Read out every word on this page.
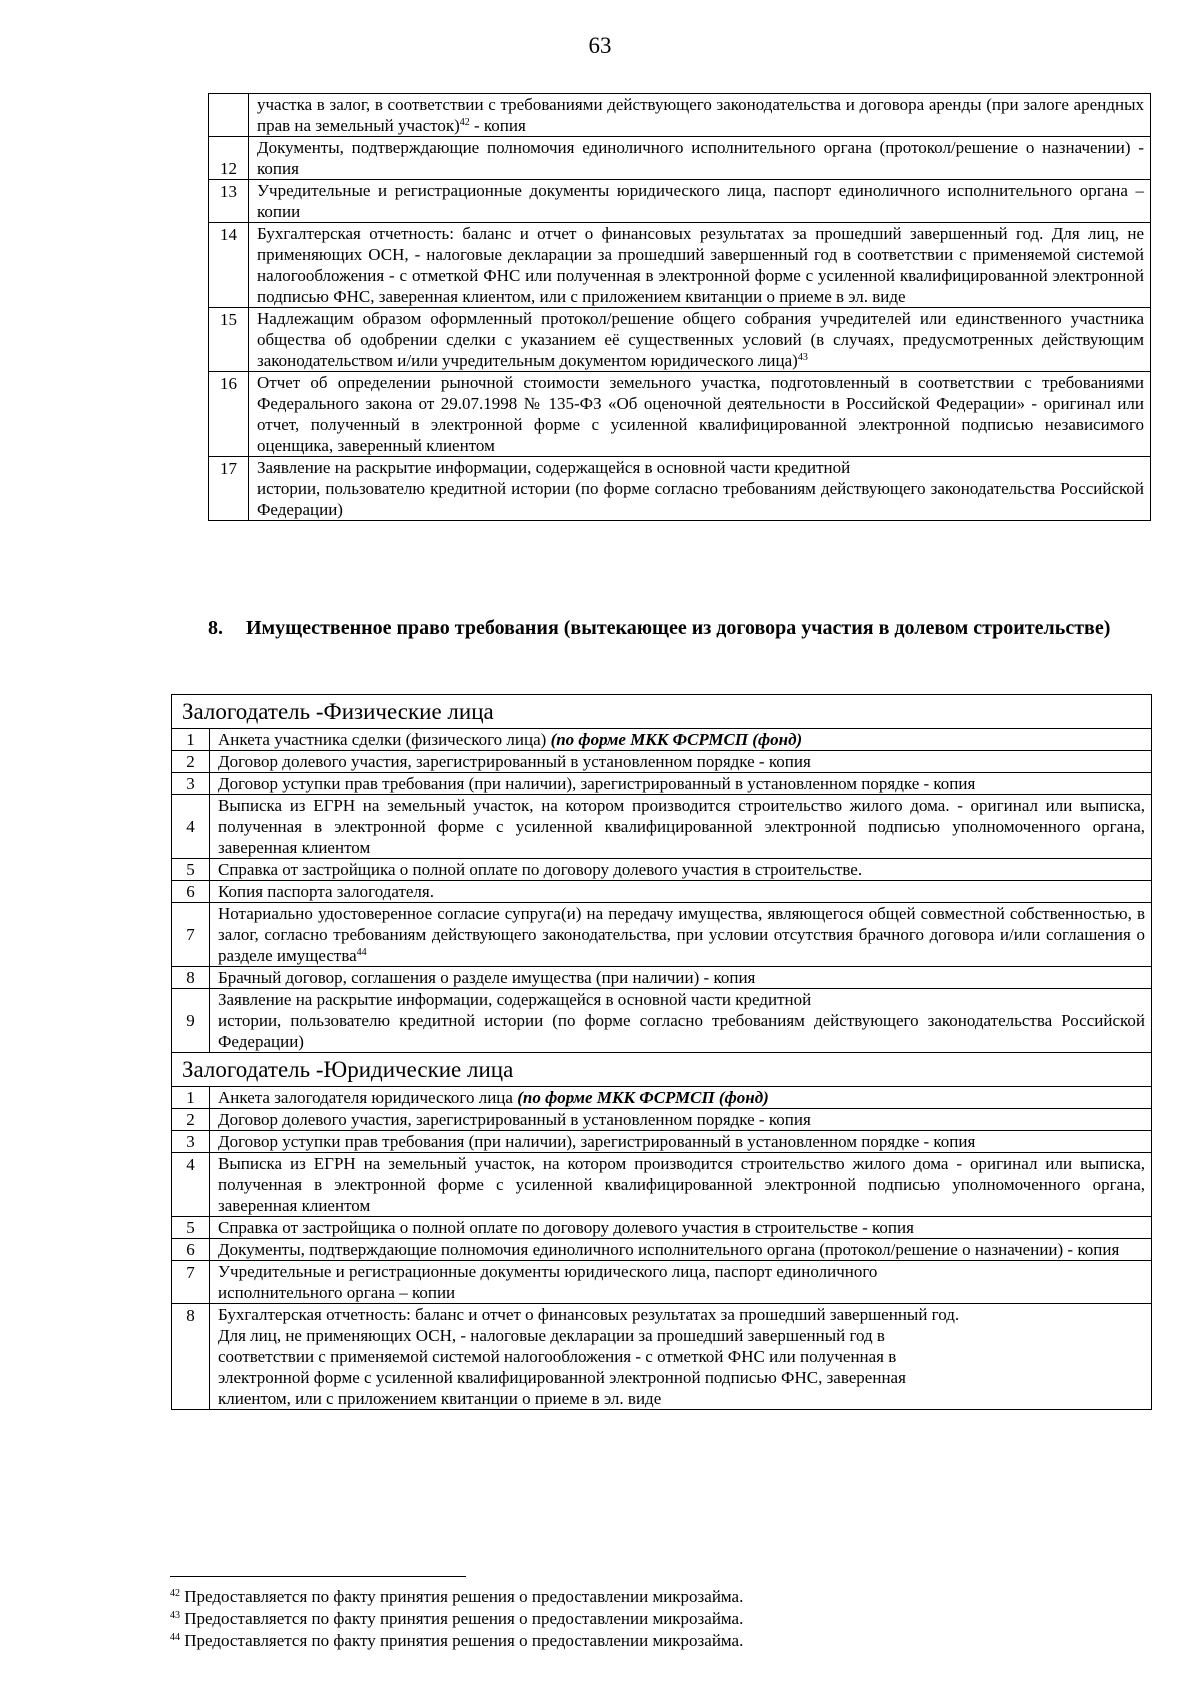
63
	участка в залог, в соответствии с требованиями действующего законодательства и договора аренды (при залоге арендных прав на земельный участок)$^{42}$ - копия
12	Документы, подтверждающие полномочия единоличного исполнительного органа (протокол/решение о назначении) - копия
13	Учредительные и регистрационные документы юридического лица, паспорт единоличного исполнительного органа – копии
14	Бухгалтерская отчетность: баланс и отчет о финансовых результатах за прошедший завершенный год. Для лиц, не применяющих ОСН, - налоговые декларации за прошедший завершенный год в соответствии с применяемой системой налогообложения - с отметкой ФНС или полученная в электронной форме с усиленной квалифицированной электронной подписью ФНС, заверенная клиентом, или с приложением квитанции о приеме в эл. виде
15	Надлежащим образом оформленный протокол/решение общего собрания учредителей или единственного участника общества об одобрении сделки с указанием её существенных условий (в случаях, предусмотренных действующим законодательством и/или учредительным документом юридического лица)$^{43}$
16	Отчет об определении рыночной стоимости земельного участка, подготовленный в соответствии с требованиями Федерального закона от 29.07.1998 № 135-ФЗ «Об оценочной деятельности в Российской Федерации» - оригинал или отчет, полученный в электронной форме с усиленной квалифицированной электронной подписью независимого оценщика, заверенный клиентом
17	Заявление на раскрытие информации, содержащейся в основной части кредитной
истории, пользователю кредитной истории (по форме согласно требованиям действующего законодательства Российской Федерации)
8. Имущественное право требования (вытекающее из договора участия в долевом строительстве)
Залогодатель -Физические лица	
1	Анкета участника сделки (физического лица) (по форме МКК ФСРМСП (фонд)
2	Договор долевого участия, зарегистрированный в установленном порядке - копия
3	Договор уступки прав требования (при наличии), зарегистрированный в установленном порядке - копия
4	Выписка из ЕГРН на земельный участок, на котором производится строительство жилого дома. - оригинал или выписка, полученная в электронной форме с усиленной квалифицированной электронной подписью уполномоченного органа, заверенная клиентом
5	Справка от застройщика о полной оплате по договору долевого участия в строительстве.
6	Копия паспорта залогодателя.
7	Нотариально удостоверенное согласие супруга(и) на передачу имущества, являющегося общей совместной собственностью, в залог, согласно требованиям действующего законодательства, при условии отсутствия брачного договора и/или соглашения о разделе имущества$^{44}$
8	Брачный договор, соглашения о разделе имущества (при наличии) - копия
9	Заявление на раскрытие информации, содержащейся в основной части кредитной
истории, пользователю кредитной истории (по форме согласно требованиям действующего законодательства Российской Федерации)
Залогодатель -Юридические лица	
1	Анкета залогодателя юридического лица (по форме МКК ФСРМСП (фонд)
2	Договор долевого участия, зарегистрированный в установленном порядке - копия
3	Договор уступки прав требования (при наличии), зарегистрированный в установленном порядке - копия
4	Выписка из ЕГРН на земельный участок, на котором производится строительство жилого дома - оригинал или выписка, полученная в электронной форме с усиленной квалифицированной электронной подписью уполномоченного органа, заверенная клиентом
5	Справка от застройщика о полной оплате по договору долевого участия в строительстве - копия
6	Документы, подтверждающие полномочия единоличного исполнительного органа (протокол/решение о назначении) - копия
7	Учредительные и регистрационные документы юридического лица, паспорт единоличного
исполнительного органа – копии
8	Бухгалтерская отчетность: баланс и отчет о финансовых результатах за прошедший завершенный год.
Для лиц, не применяющих ОСН, - налоговые декларации за прошедший завершенный год в
соответствии с применяемой системой налогообложения - с отметкой ФНС или полученная в
электронной форме с усиленной квалифицированной электронной подписью ФНС, заверенная
клиентом, или с приложением квитанции о приеме в эл. виде
$^{42}$ Предоставляется по факту принятия решения о предоставлении микрозайма.
$^{43}$ Предоставляется по факту принятия решения о предоставлении микрозайма.
$^{44}$ Предоставляется по факту принятия решения о предоставлении микрозайма.
